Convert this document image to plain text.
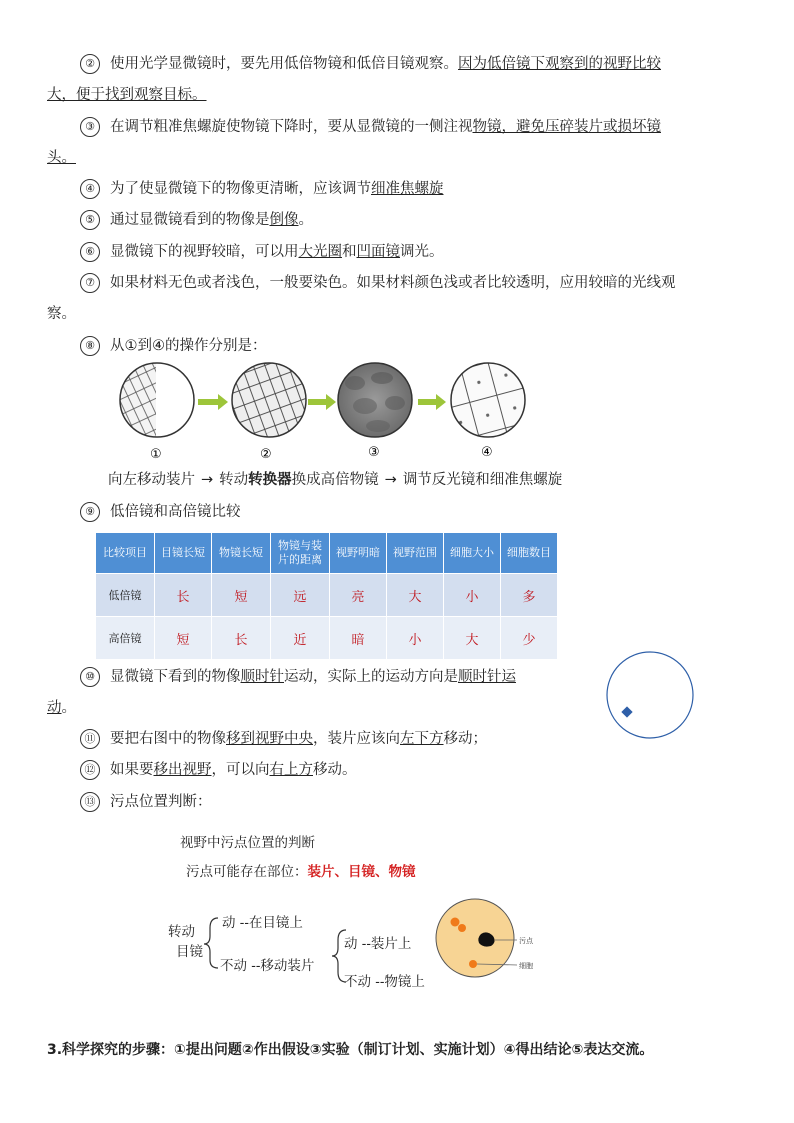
② 使用光学显微镜时，要先用低倍物镜和低倍目镜观察。因为低倍镜下观察到的视野比较
大，便于找到观察目标。
③ 在调节粗准焦螺旋使物镜下降时，要从显微镜的一侧注视物镜，避免压碎装片或损坏镜
头。
④ 为了使显微镜下的物像更清晰，应该调节细准焦螺旋
⑤ 通过显微镜看到的物像是倒像。
⑥ 显微镜下的视野较暗，可以用大光圈和凹面镜调光。
⑦ 如果材料无色或者浅色，一般要染色。如果材料颜色浅或者比较透明，应用较暗的光线观
察。
⑧ 从①到④的操作分别是：
①	②	③	④
向左移动装片 → 转动转换器换成高倍物镜 → 调节反光镜和细准焦螺旋
⑨ 低倍镜和高倍镜比较
比较项目	目镜长短	物镜长短	物镜与装片的距离	视野明暗	视野范围	细胞大小	细胞数目
低倍镜	长	短	远	亮	大	小	多
高倍镜	短	长	近	暗	小	大	少
⑩ 显微镜下看到的物像顺时针运动，实际上的运动方向是顺时针运
动。
⑪ 要把右图中的物像移到视野中央，装片应该向左下方移动；
⑫ 如果要移出视野，可以向右上方移动。
⑬ 污点位置判断：
视野中污点位置的判断
污点可能存在部位：装片、目镜、物镜
转动
目镜
动 --在目镜上
不动 --移动装片
动 --装片上
不动 --物镜上
污点
细胞
3.科学探究的步骤：①提出问题②作出假设③实验（制订计划、实施计划）④得出结论⑤表达交流。
